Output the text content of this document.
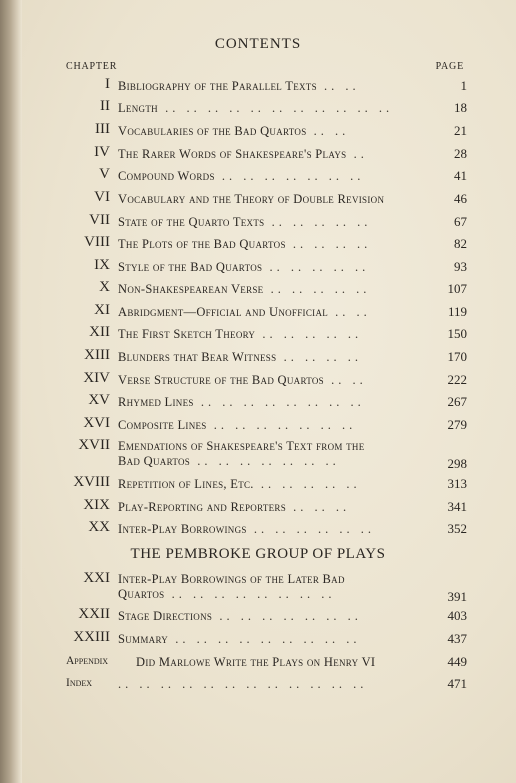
CONTENTS
CHAPTER	PAGE
I Bibliography of the Parallel Texts .. ..	1
II Length .. .. .. .. .. .. .. .. .. .. ..	18
III Vocabularies of the Bad Quartos .. ..	21
IV The Rarer Words of Shakespeare's Plays ..	28
V Compound Words .. .. .. .. .. .. ..	41
VI Vocabulary and the Theory of Double Revision	46
VII State of the Quarto Texts .. .. .. .. ..	67
VIII The Plots of the Bad Quartos .. .. .. ..	82
IX Style of the Bad Quartos .. .. .. .. ..	93
X Non-Shakespearean Verse .. .. .. .. ..	107
XI Abridgment—Official and Unofficial .. ..	119
XII The First Sketch Theory .. .. .. .. ..	150
XIII Blunders that Bear Witness .. .. .. ..	170
XIV Verse Structure of the Bad Quartos .. ..	222
XV Rhymed Lines .. .. .. .. .. .. .. ..	267
XVI Composite Lines .. .. .. .. .. .. ..	279
XVII Emendations of Shakespeare's Text from the
Bad Quartos .. .. .. .. .. .. ..	298
XVIII Repetition of Lines, Etc. .. .. .. .. ..	313
XIX Play-Reporting and Reporters .. .. ..	341
XX Inter-Play Borrowings .. .. .. .. .. ..	352
XXI Inter-Play Borrowings of the Later Bad
Quartos .. .. .. .. .. .. .. ..	391
XXII Stage Directions .. .. .. .. .. .. ..	403
XXIII Summary .. .. .. .. .. .. .. .. ..	437
Appendix Did Marlowe Write the Plays on Henry VI	449
Index .. .. .. .. .. .. .. .. .. .. .. ..	471
THE PEMBROKE GROUP OF PLAYS
